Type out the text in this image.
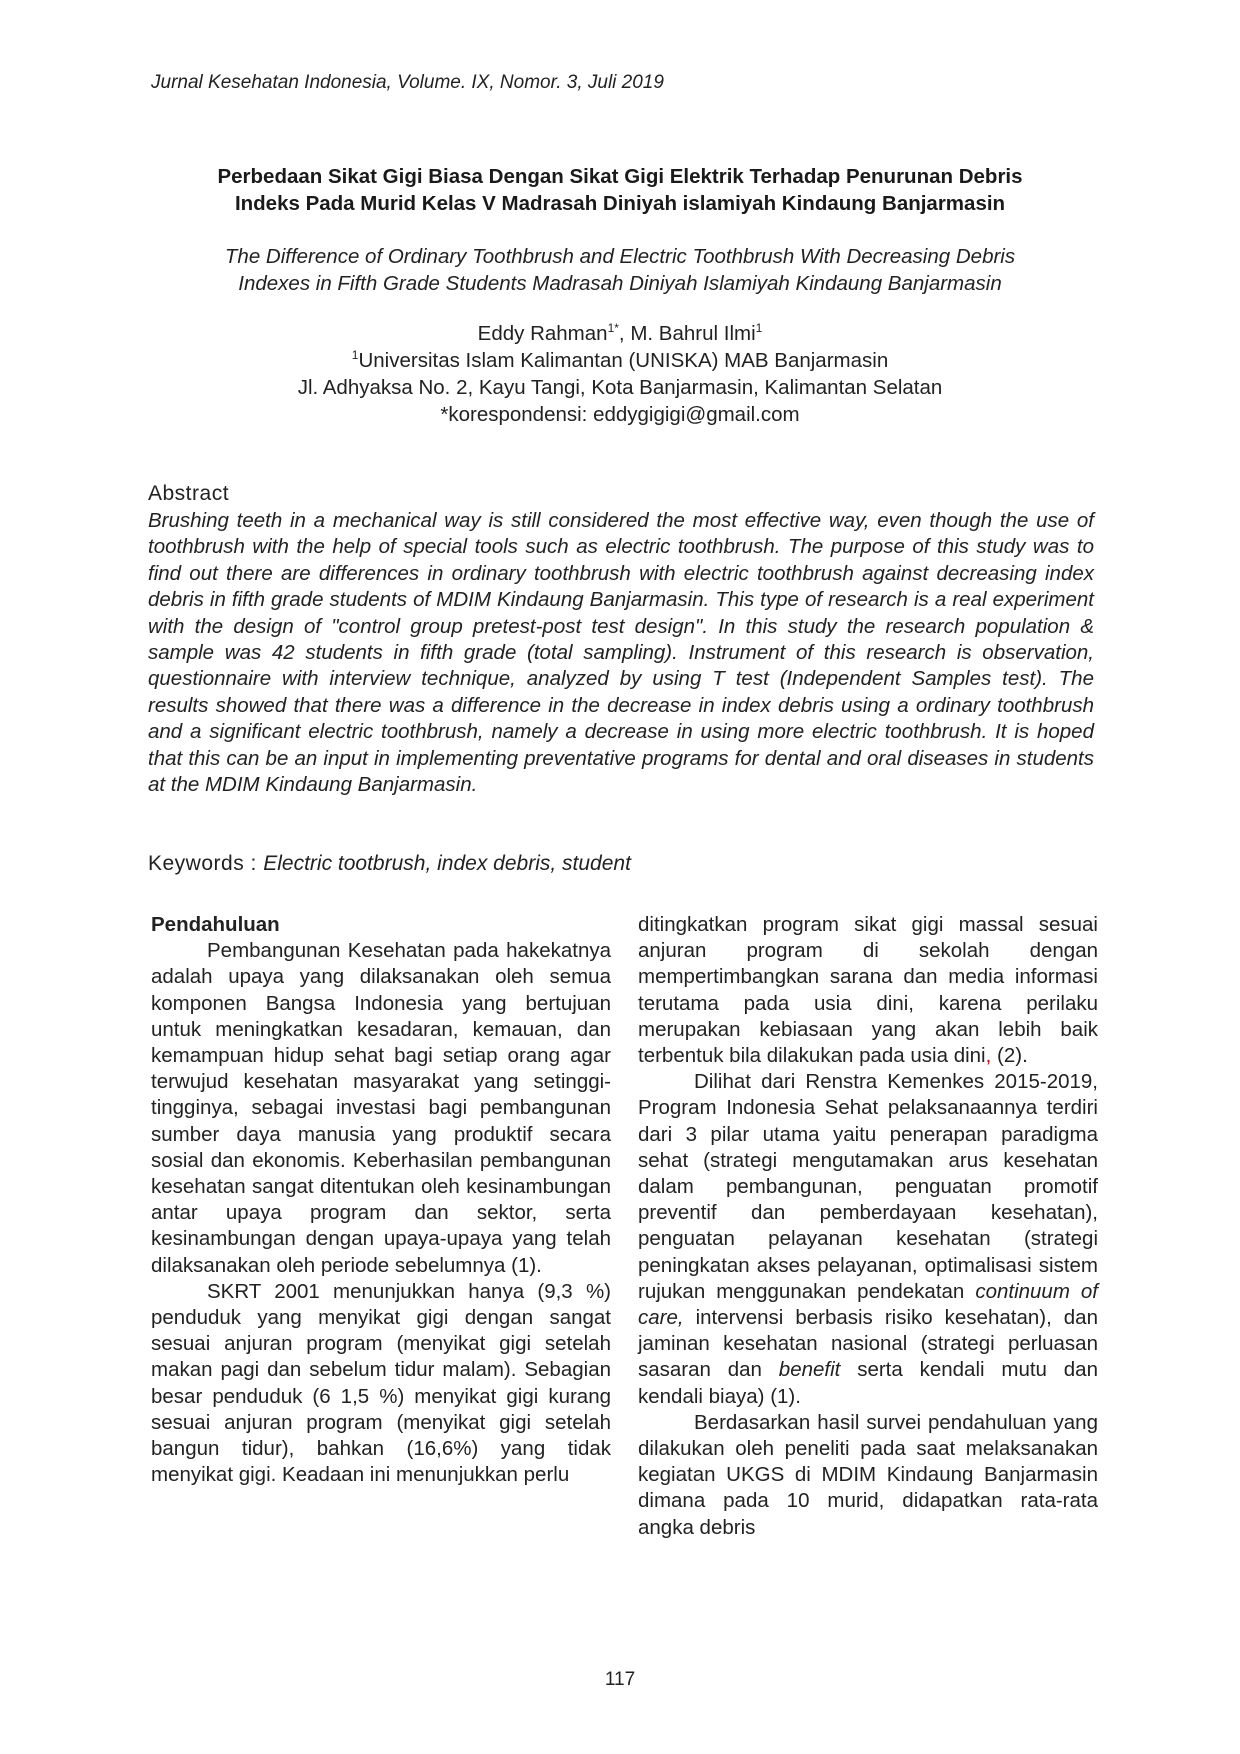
Jurnal Kesehatan Indonesia, Volume. IX, Nomor. 3, Juli 2019
Perbedaan Sikat Gigi Biasa Dengan Sikat Gigi Elektrik Terhadap Penurunan Debris
Indeks Pada Murid Kelas V Madrasah Diniyah islamiyah Kindaung Banjarmasin
The Difference of Ordinary Toothbrush and Electric Toothbrush With Decreasing Debris
Indexes in Fifth Grade Students Madrasah Diniyah Islamiyah Kindaung Banjarmasin
Eddy Rahman$^{1*}$, M. Bahrul Ilmi$^1$
$^1$Universitas Islam Kalimantan (UNISKA) MAB Banjarmasin
Jl. Adhyaksa No. 2, Kayu Tangi, Kota Banjarmasin, Kalimantan Selatan
*korespondensi: eddygigigi@gmail.com
Abstract

Brushing teeth in a mechanical way is still considered the most effective way, even though the use of toothbrush with the help of special tools such as electric toothbrush. The purpose of this study was to find out there are differences in ordinary toothbrush with electric toothbrush against decreasing index debris in fifth grade students of MDIM Kindaung Banjarmasin. This type of research is a real experiment with the design of "control group pretest-post test design". In this study the research population & sample was 42 students in fifth grade (total sampling). Instrument of this research is observation, questionnaire with interview technique, analyzed by using T test (Independent Samples test). The results showed that there was a difference in the decrease in index debris using a ordinary toothbrush and a significant electric toothbrush, namely a decrease in using more electric toothbrush. It is hoped that this can be an input in implementing preventative programs for dental and oral diseases in students at the MDIM Kindaung Banjarmasin.

Keywords : Electric tootbrush, index debris, student

Pendahuluan

Pembangunan Kesehatan pada hakekatnya adalah upaya yang dilaksanakan oleh semua komponen Bangsa Indonesia yang bertujuan untuk meningkatkan kesadaran, kemauan, dan kemampuan hidup sehat bagi setiap orang agar terwujud kesehatan masyarakat yang setinggi-tingginya, sebagai investasi bagi pembangunan sumber daya manusia yang produktif secara sosial dan ekonomis. Keberhasilan pembangunan kesehatan sangat ditentukan oleh kesinambungan antar upaya program dan sektor, serta kesinambungan dengan upaya-upaya yang telah dilaksanakan oleh periode sebelumnya (1).

SKRT 2001 menunjukkan hanya (9,3 %) penduduk yang menyikat gigi dengan sangat sesuai anjuran program (menyikat gigi setelah makan pagi dan sebelum tidur malam). Sebagian besar penduduk (6 1,5 %) menyikat gigi kurang sesuai anjuran program (menyikat gigi setelah bangun tidur), bahkan (16,6%) yang tidak menyikat gigi. Keadaan ini menunjukkan perlu

ditingkatkan program sikat gigi massal sesuai anjuran program di sekolah dengan mempertimbangkan sarana dan media informasi terutama pada usia dini, karena perilaku merupakan kebiasaan yang akan lebih baik terbentuk bila dilakukan pada usia dini, (2).

Dilihat dari Renstra Kemenkes 2015-2019, Program Indonesia Sehat pelaksanaannya terdiri dari 3 pilar utama yaitu penerapan paradigma sehat (strategi mengutamakan arus kesehatan dalam pembangunan, penguatan promotif preventif dan pemberdayaan kesehatan), penguatan pelayanan kesehatan (strategi peningkatan akses pelayanan, optimalisasi sistem rujukan menggunakan pendekatan continuum of care, intervensi berbasis risiko kesehatan), dan jaminan kesehatan nasional (strategi perluasan sasaran dan benefit serta kendali mutu dan kendali biaya) (1).

Berdasarkan hasil survei pendahuluan yang dilakukan oleh peneliti pada saat melaksanakan kegiatan UKGS di MDIM Kindaung Banjarmasin dimana pada 10 murid, didapatkan rata-rata angka debris

117
